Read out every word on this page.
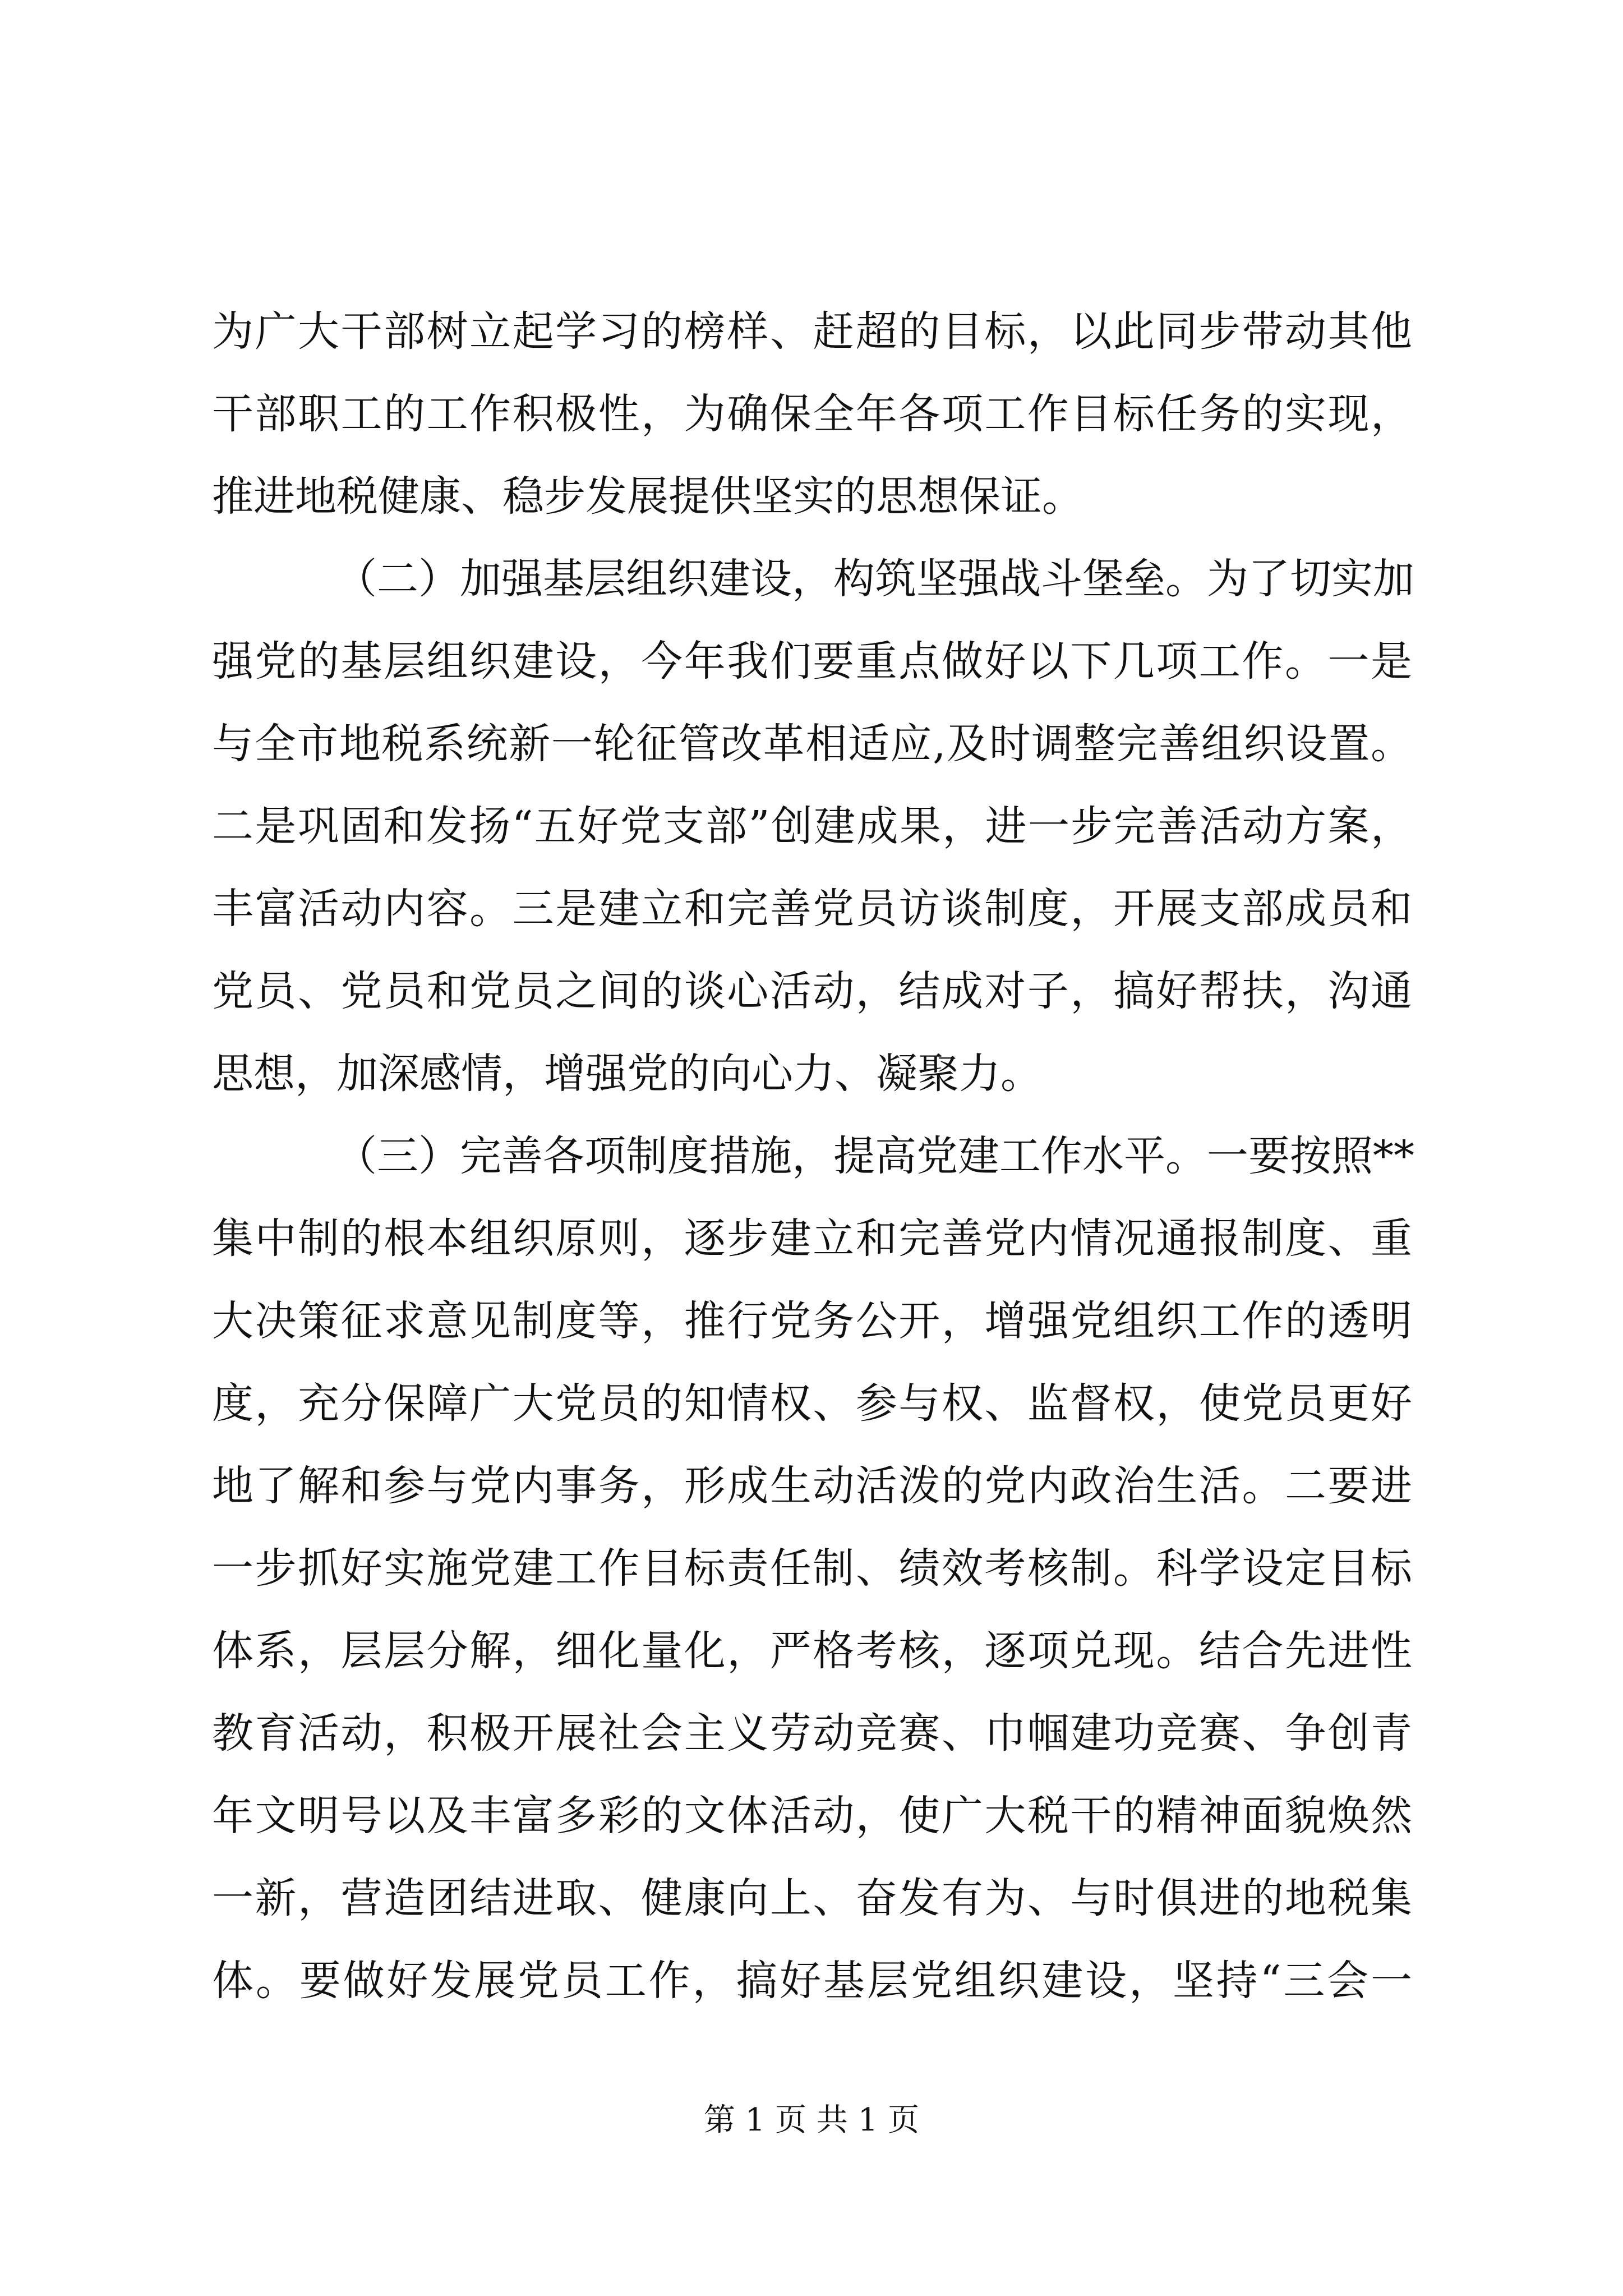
为广大干部树立起学习的榜样、赶超的目标，以此同步带动其他
干部职工的工作积极性，为确保全年各项工作目标任务的实现，
推进地税健康、稳步发展提供坚实的思想保证。
（二）加强基层组织建设，构筑坚强战斗堡垒。为了切实加
强党的基层组织建设，今年我们要重点做好以下几项工作。一是
与全市地税系统新一轮征管改革相适应,及时调整完善组织设置。
二是巩固和发扬“五好党支部”创建成果，进一步完善活动方案，
丰富活动内容。三是建立和完善党员访谈制度，开展支部成员和
党员、党员和党员之间的谈心活动，结成对子，搞好帮扶，沟通
思想，加深感情，增强党的向心力、凝聚力。
（三）完善各项制度措施，提高党建工作水平。一要按照**
集中制的根本组织原则，逐步建立和完善党内情况通报制度、重
大决策征求意见制度等，推行党务公开，增强党组织工作的透明
度，充分保障广大党员的知情权、参与权、监督权，使党员更好
地了解和参与党内事务，形成生动活泼的党内政治生活。二要进
一步抓好实施党建工作目标责任制、绩效考核制。科学设定目标
体系，层层分解，细化量化，严格考核，逐项兑现。结合先进性
教育活动，积极开展社会主义劳动竞赛、巾帼建功竞赛、争创青
年文明号以及丰富多彩的文体活动，使广大税干的精神面貌焕然
一新，营造团结进取、健康向上、奋发有为、与时俱进的地税集
体。要做好发展党员工作，搞好基层党组织建设，坚持“三会一
第 1 页 共 1 页
